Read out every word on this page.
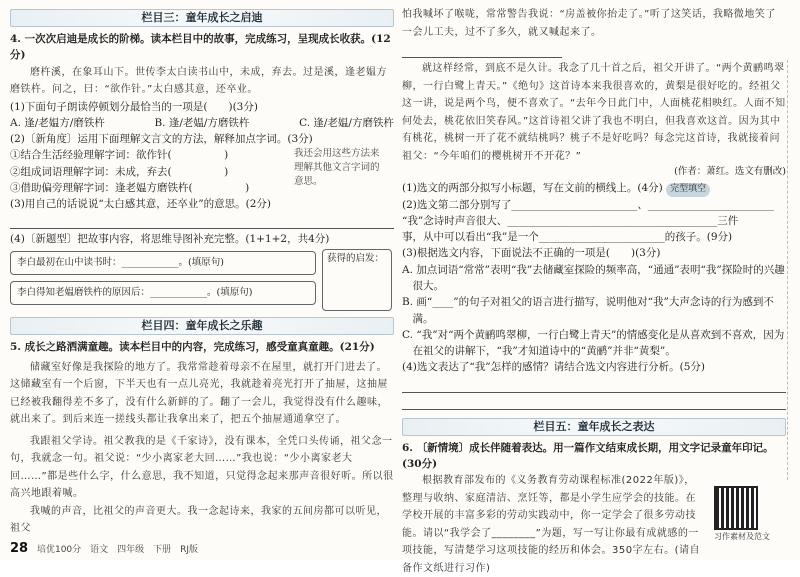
栏目三：童年成长之启迪

4. 一次次启迪是成长的阶梯。读本栏目中的故事，完成练习，呈现成长收获。(12分)

磨杵溪，在象耳山下。世传李太白读书山中，未成，弃去。过是溪，逢老媪方磨铁杵。问之，曰：“欲作针。”太白感其意，还卒业。

(1)下面句子朗读停顿划分最恰当的一项是(　　)(3分)

A. 逢/老媪方/磨铁杵	B. 逢/老媪/方磨铁杵	C. 逢/老媪/方磨铁杵

(2)〔新角度〕运用下面理解文言文的方法，解释加点字词。(3分)

①结合生活经验理解字词：欲作针(　　　　　)

②组成词语理解字词：未成，弃去(　　　　　)

③借助偏旁理解字词：逢老媪方磨铁杵(　　　　　)

我还会用这些方法来理解其他文言字词的意思。

(3)用自己的话说说“太白感其意，还卒业”的意思。(2分)

(4)〔新题型〕把故事内容，将思维导图补充完整。(1+1+2，共4分)

李白最初在山中读书时：____________。(填原句)
李白得知老媪磨铁杵的原因后：____________。(填原句)
获得的启发：
栏目四：童年成长之乐趣

5. 成长之路洒满童趣。读本栏目中的内容，完成练习，感受童真童趣。(21分)

储藏室好像是我探险的地方了。我常常趁着母亲不在屋里，就打开门进去了。这储藏室有一个后窗，下半天也有一点儿亮光，我就趁着亮光打开了抽屉，这抽屉已经被我翻得差不多了，没有什么新鲜的了。翻了一会儿，我觉得没有什么趣味，就出来了。到后来连一搓线头都让我拿出来了，把五个抽屉通通拿空了。

我跟祖父学诗。祖父教我的是《千家诗》，没有课本，全凭口头传诵，祖父念一句，我就念一句。祖父说：“少小离家老大回……”我也说：“少小离家老大回……”都是些什么字，什么意思，我不知道，只觉得念起来那声音很好听。所以很高兴地跟着喊。

我喊的声音，比祖父的声音更大。我一念起诗来，我家的五间房都可以听见，祖父

怕我喊坏了喉咙，常常警告我说：“房盖被你抬走了。”听了这笑话，我略微地笑了一会儿工夫，过不了多久，就又喊起来了。

就这样经常，到底不是久计。我念了几十首之后，祖父开讲了。“两个黄鹂鸣翠柳，一行白鹭上青天。”《绝句》这首诗本来我很喜欢的，黄梨是很好吃的。经祖父这一讲，说是两个鸟，便不喜欢了。“去年今日此门中，人面桃花相映红。人面不知何处去，桃花依旧笑春风。”这首诗祖父讲了我也不明白，但我喜欢这首。因为其中有桃花，桃树一开了花不就结桃吗？桃子不是好吃吗？每念完这首诗，我就接着问祖父：“今年咱们的樱桃树开不开花？”

(作者：萧红。选文有删改)

(1)选文的两部分拟写小标题，写在文前的横线上。(4分) 完型填空

(2)选文第二部分别写了________________________、________________________

“我”念诗时声音很大、________________________________________三件

事，从中可以看出“我”是一个________________________的孩子。(9分)

(3)根据选文内容，下面说法不正确的一项是(　　)(3分)

A. 加点词语“常常”表明“我”去储藏室探险的频率高，“通通”表明“我”探险时的兴趣很大。

B. 画“____”的句子对祖父的语言进行描写，说明他对“我”大声念诗的行为感到不满。

C. “我”对“两个黄鹂鸣翠柳，一行白鹭上青天”的情感变化是从喜欢到不喜欢，因为在祖父的讲解下，“我”才知道诗中的“黄鹂”并非“黄梨”。

(4)选文表达了“我”怎样的感情？请结合选文内容进行分析。(5分)

栏目五：童年成长之表达

6. 〔新情境〕成长伴随着表达。用一篇作文结束成长期，用文字记录童年印记。(30分)

根据教育部发布的《义务教育劳动课程标准(2022年版)》，整理与收纳、家庭清洁、烹饪等，都是小学生应学会的技能。在学校开展的丰富多彩的劳动实践动中，你一定学会了很多劳动技能。请以“我学会了________”为题，写一写让你最有成就感的一项技能，写清楚学习这项技能的经历和体会。350字左右。(请自备作文纸进行习作)

习作素材及范文
28 培优100分　语文　四年级　下册　RJ版
